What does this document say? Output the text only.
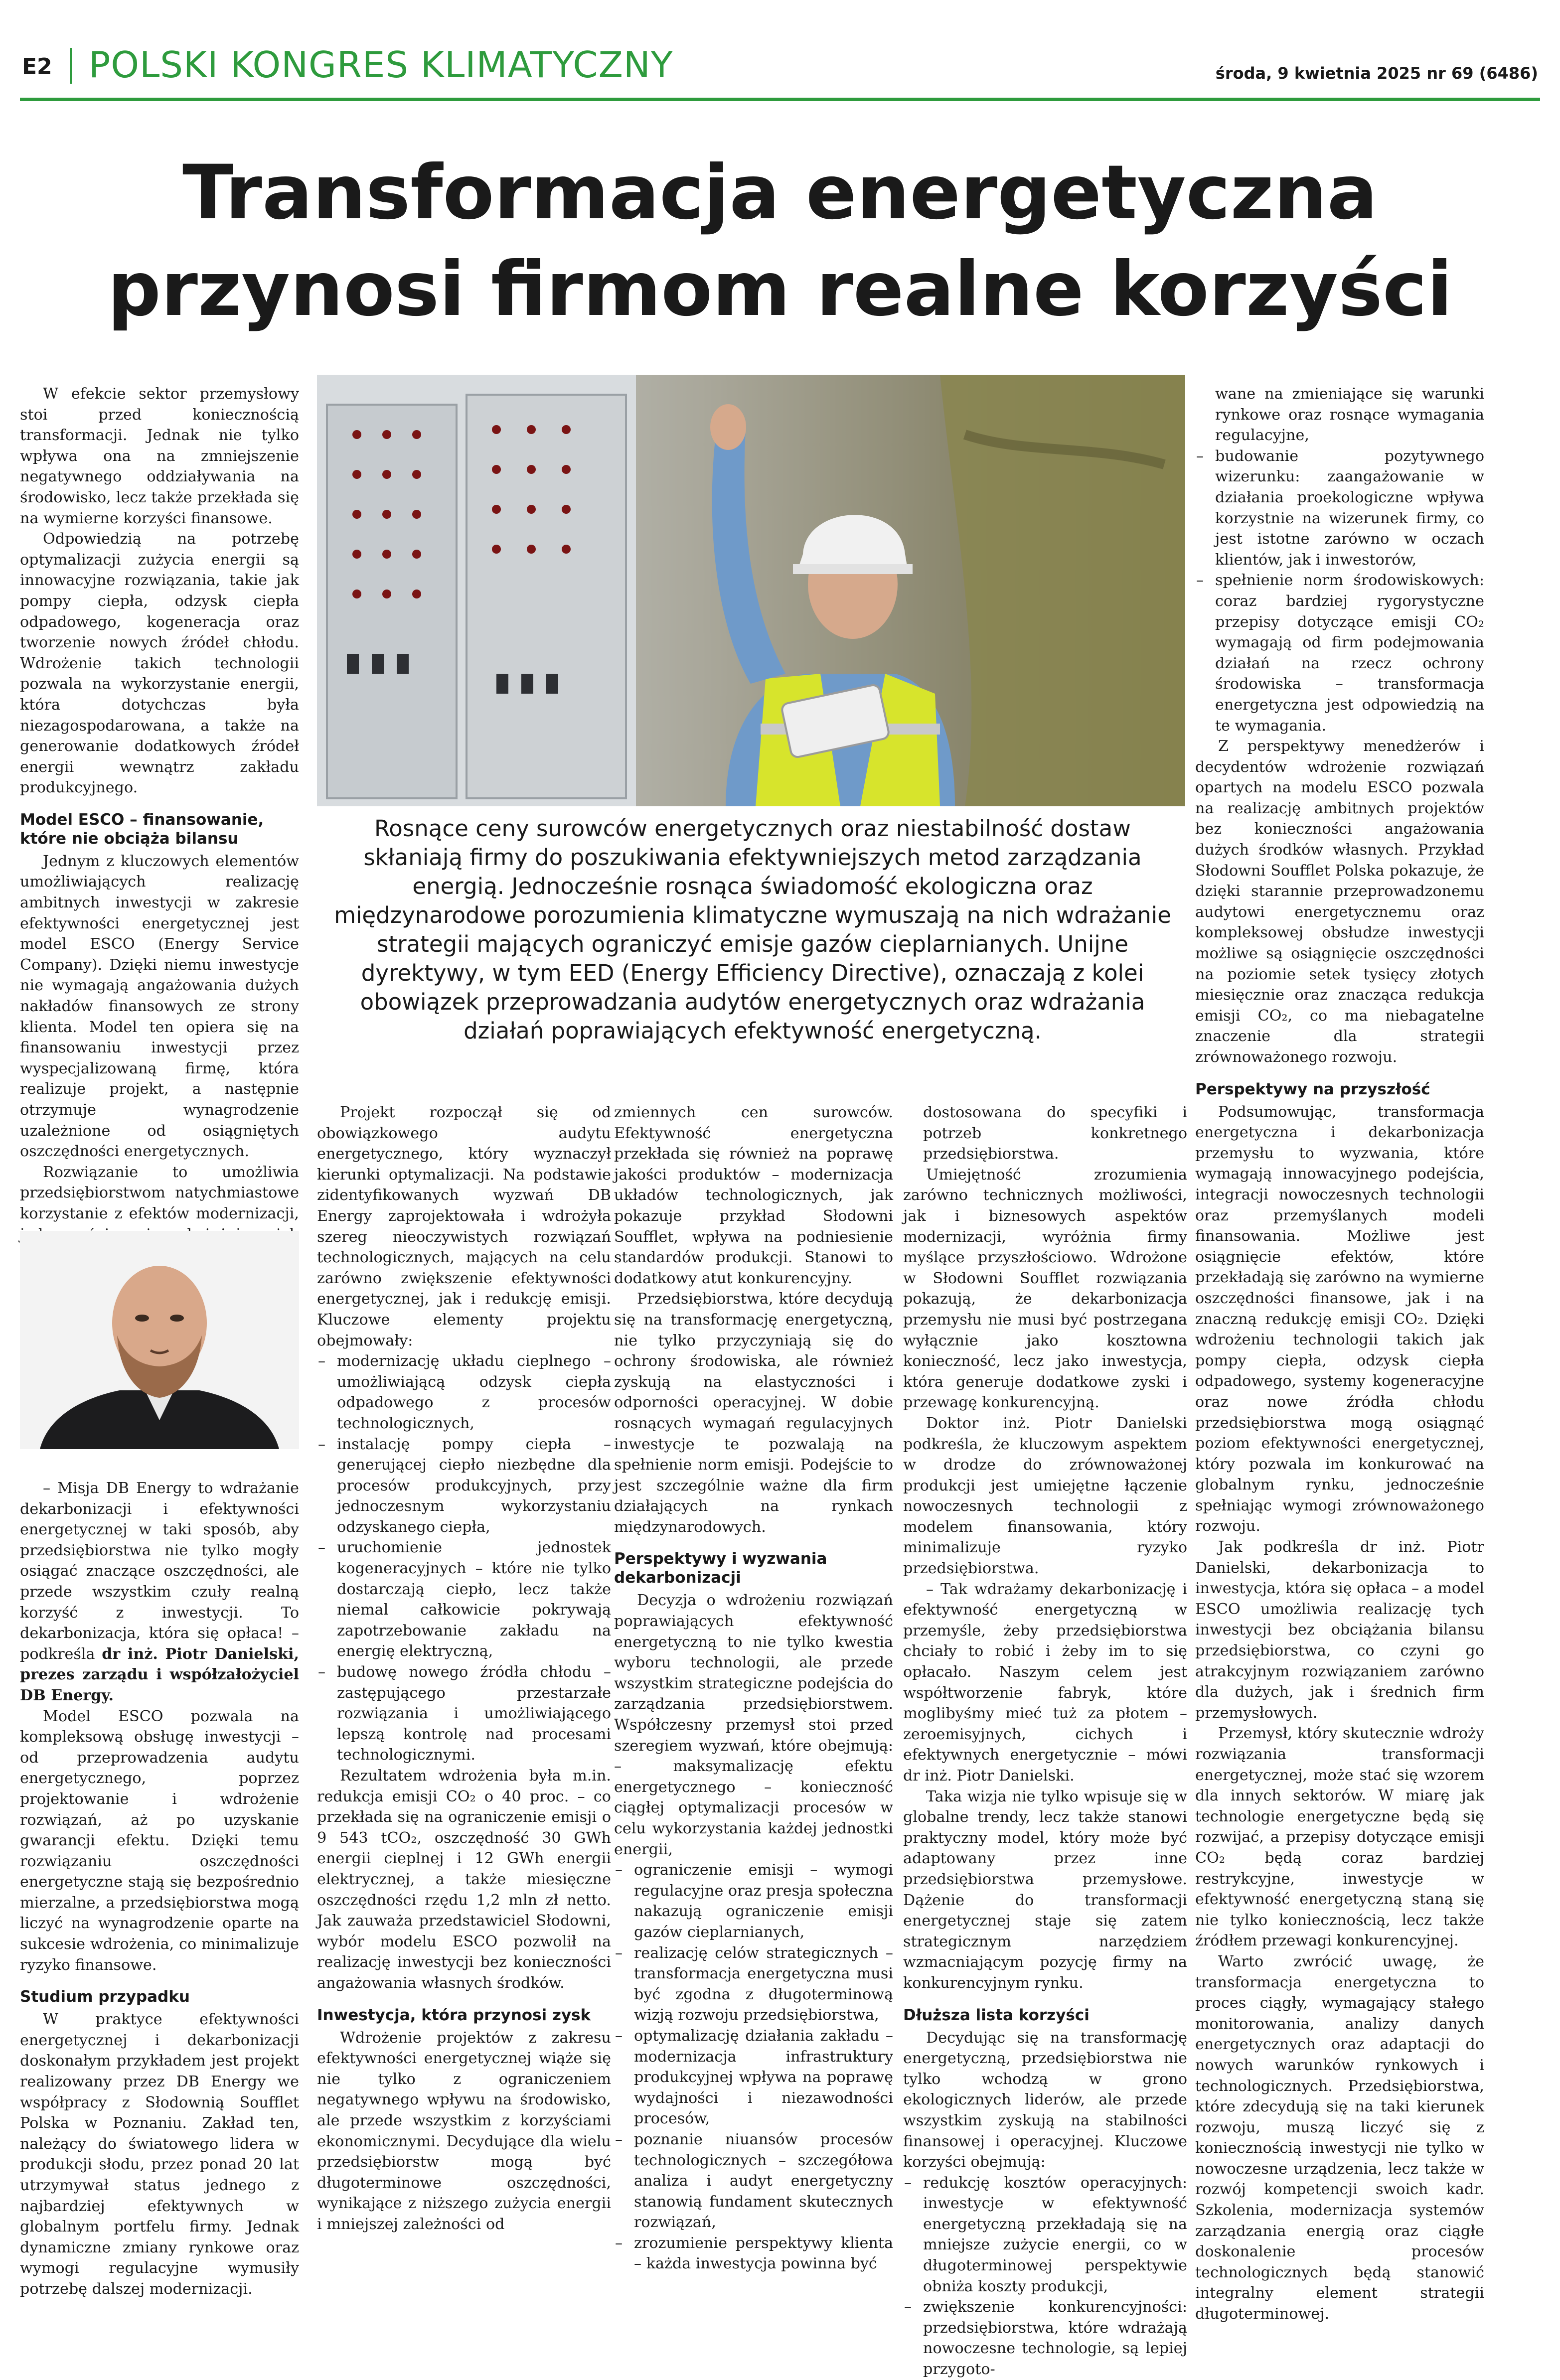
E2 POLSKI KONGRES KLIMATYCZNY	środa, 9 kwietnia 2025 nr 69 (6486)
Transformacja energetyczna
przynosi firmom realne korzyści

W efekcie sektor przemysłowy stoi przed koniecznością transformacji. Jednak nie tylko wpływa ona na zmniejszenie negatywnego oddziaływania na środowisko, lecz także przekłada się na wymierne korzyści finansowe.

Odpowiedzią na potrzebę optymalizacji zużycia energii są innowacyjne rozwiązania, takie jak pompy ciepła, odzysk ciepła odpadowego, kogeneracja oraz tworzenie nowych źródeł chłodu. Wdrożenie takich technologii pozwala na wykorzystanie energii, która dotychczas była niezagospodarowana, a także na generowanie dodatkowych źródeł energii wewnątrz zakładu produkcyjnego.

Model ESCO – finansowanie, które nie obciąża bilansu

Jednym z kluczowych elementów umożliwiających realizację ambitnych inwestycji w zakresie efektywności energetycznej jest model ESCO (Energy Service Company). Dzięki niemu inwestycje nie wymagają angażowania dużych nakładów finansowych ze strony klienta. Model ten opiera się na finansowaniu inwestycji przez wyspecjalizowaną firmę, która realizuje projekt, a następnie otrzymuje wynagrodzenie uzależnione od osiągniętych oszczędności energetycznych.

Rozwiązanie to umożliwia przedsiębiorstwom natychmiastowe korzystanie z efektów modernizacji,

– Misja DB Energy to wdrażanie dekarbonizacji i efektywności energetycznej w taki sposób, aby przedsiębiorstwa nie tylko mogły osiągać znaczące oszczędności, ale przede wszystkim czuły realną korzyść z inwestycji. To dekarbonizacja, która się opłaca! – podkreśla dr inż. Piotr Danielski, prezes zarządu i współzałożyciel DB Energy.

Model ESCO pozwala na kompleksową obsługę inwestycji – od przeprowadzenia audytu energetycznego, poprzez projektowanie i wdrożenie rozwiązań, aż po uzyskanie gwarancji efektu. Dzięki temu rozwiązaniu oszczędności energetyczne stają się bezpośrednio mierzalne, a przedsiębiorstwa mogą liczyć na wynagrodzenie oparte na sukcesie wdrożenia, co minimalizuje ryzyko finansowe.

Studium przypadku

W praktyce efektywności energetycznej i dekarbonizacji doskonałym przykładem jest projekt realizowany przez DB Energy we współpracy z Słodownią Soufflet Polska w Poznaniu. Zakład ten, należący do światowego lidera w produkcji słodu, przez ponad 20 lat utrzymywał status jednego z najbardziej efektywnych w globalnym portfelu firmy. Jednak dynamiczne zmiany rynkowe oraz wymogi regulacyjne wymusiły potrzebę dalszej modernizacji.

Rosnące ceny surowców energetycznych oraz niestabilność dostaw skłaniają firmy do poszukiwania efektywniejszych metod zarządzania energią. Jednocześnie rosnąca świadomość ekologiczna oraz międzynarodowe porozumienia klimatyczne wymuszają na nich wdrażanie strategii mających ograniczyć emisje gazów cieplarnianych. Unijne dyrektywy, w tym EED (Energy Efficiency Directive), oznaczają z kolei obowiązek przeprowadzania audytów energetycznych oraz wdrażania działań poprawiających efektywność energetyczną.

Projekt rozpoczął się od obowiązkowego audytu energetycznego, który wyznaczył kierunki optymalizacji. Na podstawie zidentyfikowanych wyzwań DB Energy zaprojektowała i wdrożyła szereg nieoczywistych rozwiązań technologicznych, mających na celu zarówno zwiększenie efektywności energetycznej, jak i redukcję emisji. Kluczowe elementy projektu obejmowały:

– modernizację układu cieplnego – umożliwiającą odzysk ciepła odpadowego z procesów technologicznych,
– instalację pompy ciepła – generującej ciepło niezbędne dla procesów produkcyjnych, przy jednoczesnym wykorzystaniu odzyskanego ciepła,
– uruchomienie jednostek kogeneracyjnych – które nie tylko dostarczają ciepło, lecz także niemal całkowicie pokrywają zapotrzebowanie zakładu na energię elektryczną,
– budowę nowego źródła chłodu – zastępującego przestarzałe rozwiązania i umożliwiającego lepszą kontrolę nad procesami technologicznymi.

Rezultatem wdrożenia była m.in. redukcja emisji CO₂ o 40 proc. – co przekłada się na ograniczenie emisji o 9 543 tCO₂, oszczędność 30 GWh energii cieplnej i 12 GWh energii elektrycznej, a także miesięczne oszczędności rzędu 1,2 mln zł netto. Jak zauważa przedstawiciel Słodowni, wybór modelu ESCO pozwolił na realizację inwestycji bez konieczności angażowania własnych środków.

Inwestycja, która przynosi zysk

Wdrożenie projektów z zakresu efektywności energetycznej wiąże się nie tylko z ograniczeniem negatywnego wpływu na środowisko, ale przede wszystkim z korzyściami ekonomicznymi. Decydujące dla wielu przedsiębiorstw mogą być długoterminowe oszczędności, wynikające z niższego zużycia energii i mniejszej zależności od

zmiennych cen surowców. Efektywność energetyczna przekłada się również na poprawę jakości produktów – modernizacja układów technologicznych, jak pokazuje przykład Słodowni Soufflet, wpływa na podniesienie standardów produkcji. Stanowi to dodatkowy atut konkurencyjny.

Przedsiębiorstwa, które decydują się na transformację energetyczną, nie tylko przyczyniają się do ochrony środowiska, ale również zyskują na elastyczności i odporności operacyjnej. W dobie rosnących wymagań regulacyjnych inwestycje te pozwalają na spełnienie norm emisji. Podejście to jest szczególnie ważne dla firm działających na rynkach międzynarodowych.

Perspektywy i wyzwania dekarbonizacji

Decyzja o wdrożeniu rozwiązań poprawiających efektywność energetyczną to nie tylko kwestia wyboru technologii, ale przede wszystkim strategiczne podejścia do zarządzania przedsiębiorstwem. Współczesny przemysł stoi przed szeregiem wyzwań, które obejmują: – maksymalizację efektu energetycznego – konieczność ciągłej optymalizacji procesów w celu wykorzystania każdej jednostki energii,

– ograniczenie emisji – wymogi regulacyjne oraz presja społeczna nakazują ograniczenie emisji gazów cieplarnianych,
– realizację celów strategicznych – transformacja energetyczna musi być zgodna z długoterminową wizją rozwoju przedsiębiorstwa,
– optymalizację działania zakładu – modernizacja infrastruktury produkcyjnej wpływa na poprawę wydajności i niezawodności procesów,
– poznanie niuansów procesów technologicznych – szczegółowa analiza i audyt energetyczny stanowią fundament skutecznych rozwiązań,
– zrozumienie perspektywy klienta – każda inwestycja powinna być

dostosowana do specyfiki i potrzeb konkretnego przedsiębiorstwa.

Umiejętność zrozumienia zarówno technicznych możliwości, jak i biznesowych aspektów modernizacji, wyróżnia firmy myślące przyszłościowo. Wdrożone w Słodowni Soufflet rozwiązania pokazują, że dekarbonizacja przemysłu nie musi być postrzegana wyłącznie jako kosztowna konieczność, lecz jako inwestycja, która generuje dodatkowe zyski i przewagę konkurencyjną.

Doktor inż. Piotr Danielski podkreśla, że kluczowym aspektem w drodze do zrównoważonej produkcji jest umiejętne łączenie nowoczesnych technologii z modelem finansowania, który minimalizuje ryzyko przedsiębiorstwa.

– Tak wdrażamy dekarbonizację i efektywność energetyczną w przemyśle, żeby przedsiębiorstwa chciały to robić i żeby im to się opłacało. Naszym celem jest współtworzenie fabryk, które moglibyśmy mieć tuż za płotem – zeroemisyjnych, cichych i efektywnych energetycznie – mówi dr inż. Piotr Danielski.

Taka wizja nie tylko wpisuje się w globalne trendy, lecz także stanowi praktyczny model, który może być adaptowany przez inne przedsiębiorstwa przemysłowe. Dążenie do transformacji energetycznej staje się zatem strategicznym narzędziem wzmacniającym pozycję firmy na konkurencyjnym rynku.

Dłuższa lista korzyści

Decydując się na transformację energetyczną, przedsiębiorstwa nie tylko wchodzą w grono ekologicznych liderów, ale przede wszystkim zyskują na stabilności finansowej i operacyjnej. Kluczowe korzyści obejmują:

– redukcję kosztów operacyjnych: inwestycje w efektywność energetyczną przekładają się na mniejsze zużycie energii, co w długoterminowej perspektywie obniża koszty produkcji,
– zwiększenie konkurencyjności: przedsiębiorstwa, które wdrażają nowoczesne technologie, są lepiej przygoto-

wane na zmieniające się warunki rynkowe oraz rosnące wymagania regulacyjne,

– budowanie pozytywnego wizerunku: zaangażowanie w działania proekologiczne wpływa korzystnie na wizerunek firmy, co jest istotne zarówno w oczach klientów, jak i inwestorów,
– spełnienie norm środowiskowych: coraz bardziej rygorystyczne przepisy dotyczące emisji CO₂ wymagają od firm podejmowania działań na rzecz ochrony środowiska – transformacja energetyczna jest odpowiedzią na te wymagania.

Z perspektywy menedżerów i decydentów wdrożenie rozwiązań opartych na modelu ESCO pozwala na realizację ambitnych projektów bez konieczności angażowania dużych środków własnych. Przykład Słodowni Soufflet Polska pokazuje, że dzięki starannie przeprowadzonemu audytowi energetycznemu oraz kompleksowej obsłudze inwestycji możliwe są osiągnięcie oszczędności na poziomie setek tysięcy złotych miesięcznie oraz znacząca redukcja emisji CO₂, co ma niebagatelne znaczenie dla strategii zrównoważonego rozwoju.

Perspektywy na przyszłość

Podsumowując, transformacja energetyczna i dekarbonizacja przemysłu to wyzwania, które wymagają innowacyjnego podejścia, integracji nowoczesnych technologii oraz przemyślanych modeli finansowania. Możliwe jest osiągnięcie efektów, które przekładają się zarówno na wymierne oszczędności finansowe, jak i na znaczną redukcję emisji CO₂. Dzięki wdrożeniu technologii takich jak pompy ciepła, odzysk ciepła odpadowego, systemy kogeneracyjne oraz nowe źródła chłodu przedsiębiorstwa mogą osiągnąć poziom efektywności energetycznej, który pozwala im konkurować na globalnym rynku, jednocześnie spełniając wymogi zrównoważonego rozwoju.

Jak podkreśla dr inż. Piotr Danielski, dekarbonizacja to inwestycja, która się opłaca – a model ESCO umożliwia realizację tych inwestycji bez obciążania bilansu przedsiębiorstwa, co czyni go atrakcyjnym rozwiązaniem zarówno dla dużych, jak i średnich firm przemysłowych.

Przemysł, który skutecznie wdroży rozwiązania transformacji energetycznej, może stać się wzorem dla innych sektorów. W miarę jak technologie energetyczne będą się rozwijać, a przepisy dotyczące emisji CO₂ będą coraz bardziej restrykcyjne, inwestycje w efektywność energetyczną staną się nie tylko koniecznością, lecz także źródłem przewagi konkurencyjnej.

Warto zwrócić uwagę, że transformacja energetyczna to proces ciągły, wymagający stałego monitorowania, analizy danych energetycznych oraz adaptacji do nowych warunków rynkowych i technologicznych. Przedsiębiorstwa, które zdecydują się na taki kierunek rozwoju, muszą liczyć się z koniecznością inwestycji nie tylko w nowoczesne urządzenia, lecz także w rozwój kompetencji swoich kadr. Szkolenia, modernizacja systemów zarządzania energią oraz ciągłe doskonalenie procesów technologicznych będą stanowić integralny element strategii długoterminowej.
